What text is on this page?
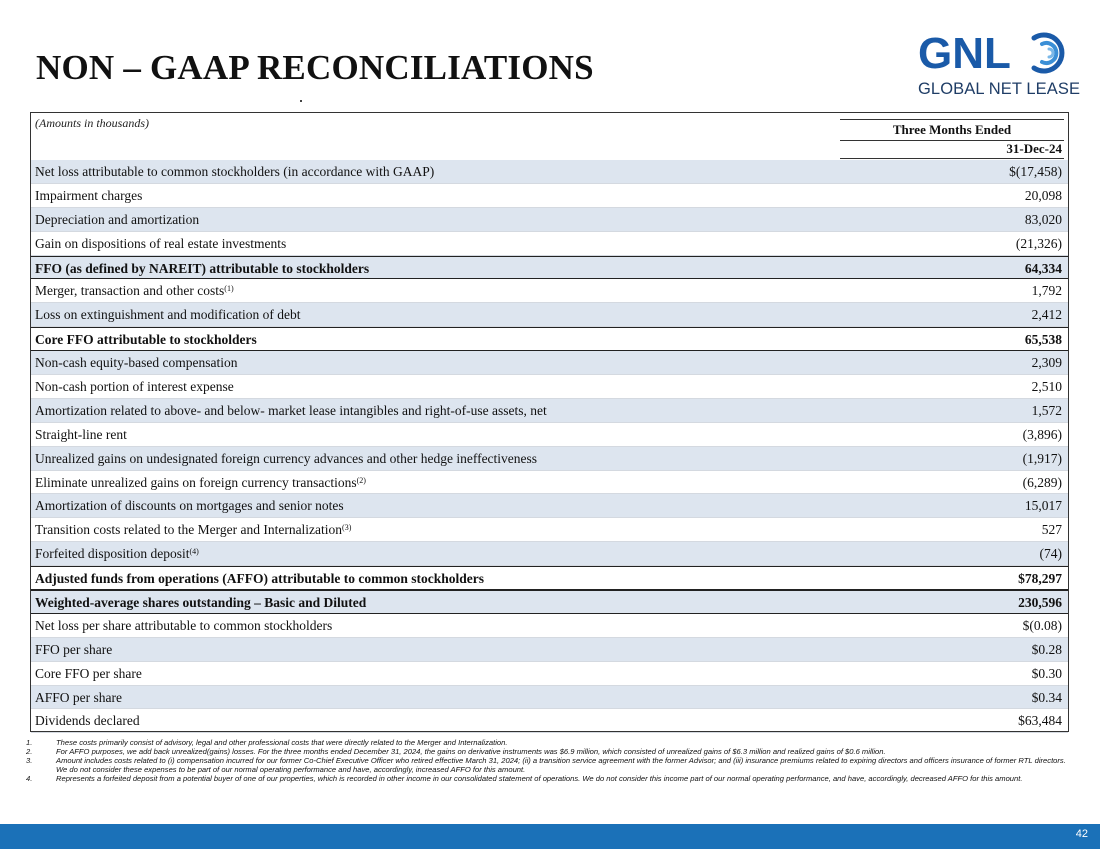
NON – GAAP RECONCILIATIONS	GNL
GLOBAL NET LEASE
(Amounts in thousands)	Three Months Ended
31-Dec-24
Net loss attributable to common stockholders (in accordance with GAAP)	$(17,458)
Impairment charges	20,098
Depreciation and amortization	83,020
Gain on dispositions of real estate investments	(21,326)
FFO (as defined by NAREIT) attributable to stockholders	64,334
Merger, transaction and other costs$^{(1)}$	1,792
Loss on extinguishment and modification of debt	2,412
Core FFO attributable to stockholders	65,538
Non-cash equity-based compensation	2,309
Non-cash portion of interest expense	2,510
Amortization related to above- and below- market lease intangibles and right-of-use assets, net	1,572
Straight-line rent	(3,896)
Unrealized gains on undesignated foreign currency advances and other hedge ineffectiveness	(1,917)
Eliminate unrealized gains on foreign currency transactions$^{(2)}$	(6,289)
Amortization of discounts on mortgages and senior notes	15,017
Transition costs related to the Merger and Internalization$^{(3)}$	527
Forfeited disposition deposit$^{(4)}$	(74)
Adjusted funds from operations (AFFO) attributable to common stockholders	$78,297
Weighted-average shares outstanding – Basic and Diluted	230,596
Net loss per share attributable to common stockholders	$(0.08)
FFO per share	$0.28
Core FFO per share	$0.30
AFFO per share	$0.34
Dividends declared	$63,484
1.	These costs primarily consist of advisory, legal and other professional costs that were directly related to the Merger and Internalization.
2.	For AFFO purposes, we add back unrealized(gains) losses. For the three months ended December 31, 2024, the gains on derivative instruments was $6.9 million, which consisted of unrealized gains of $6.3 million and realized gains of $0.6 million.
3.	Amount includes costs related to (i) compensation incurred for our former Co-Chief Executive Officer who retired effective March 31, 2024; (ii) a transition service agreement with the former Advisor; and (iii) insurance premiums related to expiring directors and officers insurance of former RTL directors. We do not consider these expenses to be part of our normal operating performance and have, accordingly, increased AFFO for this amount.
4.	Represents a forfeited deposit from a potential buyer of one of our properties, which is recorded in other income in our consolidated statement of operations. We do not consider this income part of our normal operating performance, and have, accordingly, decreased AFFO for this amount.
42
